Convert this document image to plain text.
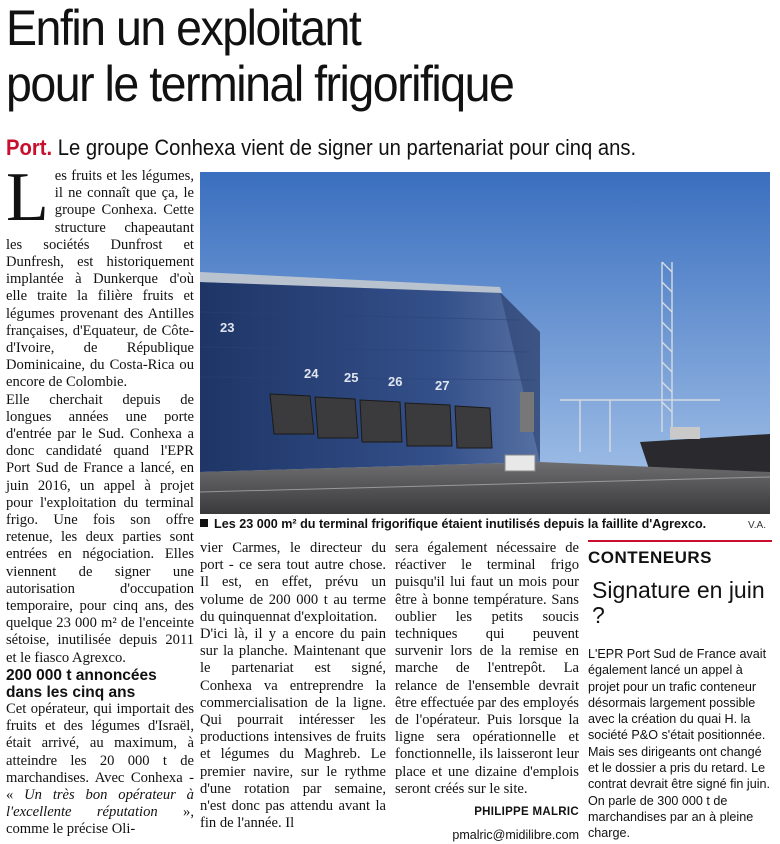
Enfin un exploitant
pour le terminal frigorifique
Port. Le groupe Conhexa vient de signer un partenariat pour cinq ans.

Les fruits et les légumes, il ne connaît que ça, le groupe Conhexa. Cette structure chapeautant les sociétés Dunfrost et Dunfresh, est historiquement implantée à Dunkerque d'où elle traite la filière fruits et légumes provenant des Antilles françaises, d'Equateur, de Côte-d'Ivoire, de République Dominicaine, du Costa-Rica ou encore de Colombie.

Elle cherchait depuis de longues années une porte d'entrée par le Sud. Conhexa a donc candidaté quand l'EPR Port Sud de France a lancé, en juin 2016, un appel à projet pour l'exploitation du terminal frigo. Une fois son offre retenue, les deux parties sont entrées en négociation. Elles viennent de signer une autorisation d'occupation temporaire, pour cinq ans, des quelque 23 000 m² de l'enceinte sétoise, inutilisée depuis 2011 et le fiasco Agrexco.

200 000 t annoncées dans les cinq ans

Cet opérateur, qui importait des fruits et des légumes d'Israël, était arrivé, au maximum, à atteindre les 20 000 t de marchandises. Avec Conhexa - « Un très bon opérateur à l'excellente réputation », comme le précise Oli-

23
24 25 26	27
Les 23 000 m² du terminal frigorifique étaient inutilisés depuis la faillite d'Agrexco.	V.A.

vier Carmes, le directeur du port - ce sera tout autre chose. Il est, en effet, prévu un volume de 200 000 t au terme du quinquennat d'exploitation.

D'ici là, il y a encore du pain sur la planche. Maintenant que le partenariat est signé, Conhexa va entreprendre la commercialisation de la ligne. Qui pourrait intéresser les productions intensives de fruits et légumes du Maghreb. Le premier navire, sur le rythme d'une rotation par semaine, n'est donc pas attendu avant la fin de l'année. Il

sera également nécessaire de réactiver le terminal frigo puisqu'il lui faut un mois pour être à bonne température. Sans oublier les petits soucis techniques qui peuvent survenir lors de la remise en marche de l'entrepôt. La relance de l'ensemble devrait être effectuée par des employés de l'opérateur. Puis lorsque la ligne sera opérationnelle et fonctionnelle, ils laisseront leur place et une dizaine d'emplois seront créés sur le site.

PHILIPPE MALRIC
pmalric@midilibre.com
CONTENEURS
Signature en juin ?
L'EPR Port Sud de France avait également lancé un appel à projet pour un trafic conteneur désormais largement possible avec la création du quai H. la société P&O s'était positionnée. Mais ses dirigeants ont changé et le dossier a pris du retard. Le contrat devrait être signé fin juin. On parle de 300 000 t de marchandises par an à pleine charge.
